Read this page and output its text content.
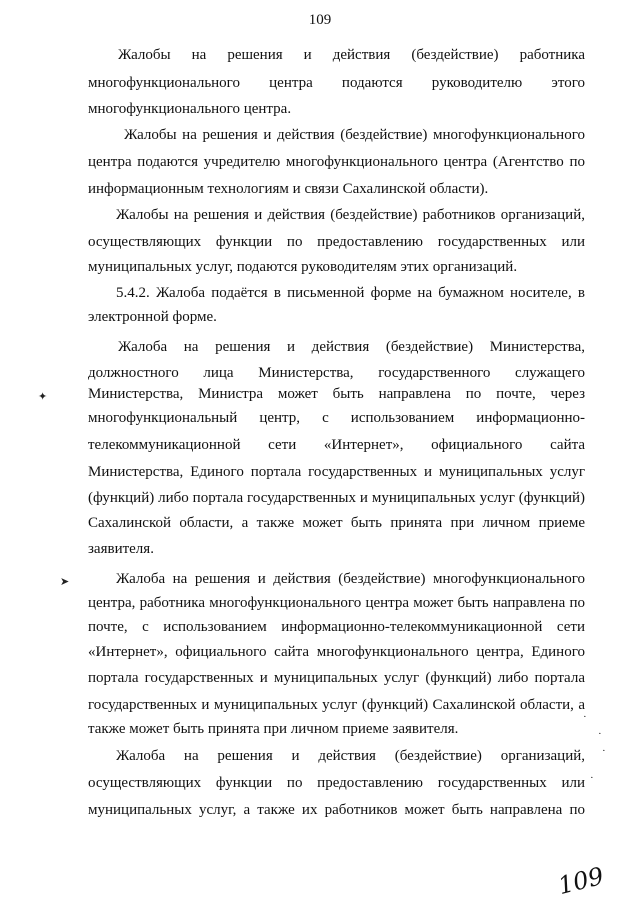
109
Жалобы на решения и действия (бездействие) работника
многофункционального центра подаются руководителю этого
многофункционального центра.
Жалобы на решения и действия (бездействие) многофункционального
центра подаются учредителю многофункционального центра (Агентство по
информационным технологиям и связи Сахалинской области).
Жалобы на решения и действия (бездействие) работников организаций,
осуществляющих функции по предоставлению государственных или
муниципальных услуг, подаются руководителям этих организаций.
5.4.2. Жалоба подаётся в письменной форме на бумажном носителе, в
электронной форме.
Жалоба на решения и действия (бездействие) Министерства,
должностного лица Министерства, государственного служащего
Министерства, Министра может быть направлена по почте, через
многофункциональный центр, с использованием информационно-
телекоммуникационной сети «Интернет», официального сайта
Министерства, Единого портала государственных и муниципальных услуг
(функций) либо портала государственных и муниципальных услуг (функций)
Сахалинской области, а также может быть принята при личном приеме
заявителя.
Жалоба на решения и действия (бездействие) многофункционального
центра, работника многофункционального центра может быть направлена по
почте, с использованием информационно-телекоммуникационной сети
«Интернет», официального сайта многофункционального центра, Единого
портала государственных и муниципальных услуг (функций) либо портала
государственных и муниципальных услуг (функций) Сахалинской области, а
также может быть принята при личном приеме заявителя.
Жалоба на решения и действия (бездействие) организаций,
осуществляющих функции по предоставлению государственных или
муниципальных услуг, а также их работников может быть направлена по
✦
➤
·
·
·
·
109
